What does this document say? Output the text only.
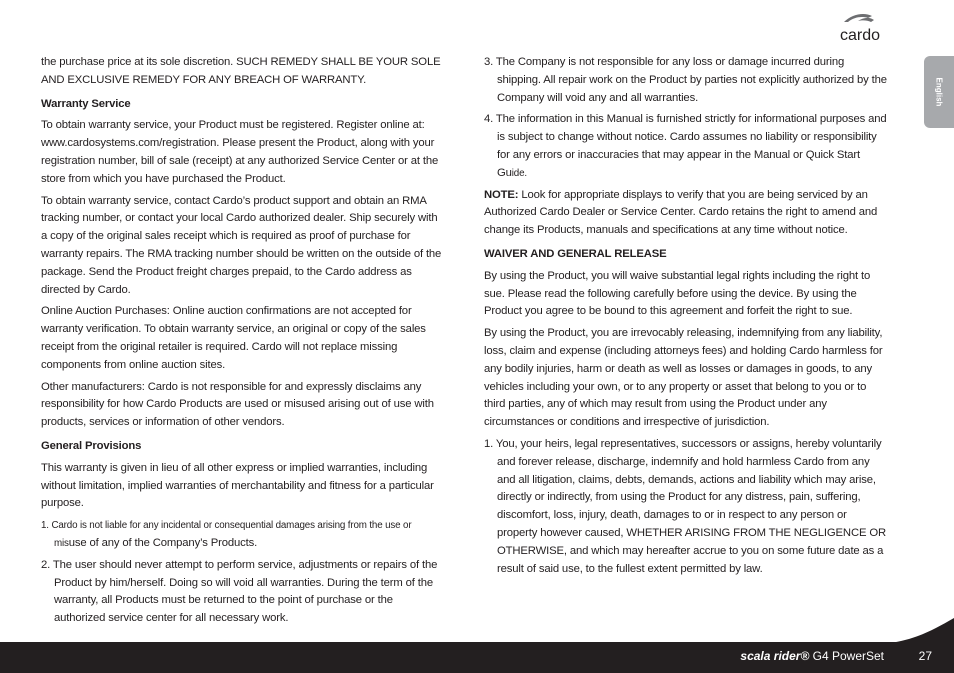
cardo
English

the purchase price at its sole discretion. SUCH REMEDY SHALL BE YOUR SOLE AND EXCLUSIVE REMEDY FOR ANY BREACH OF WARRANTY.

Warranty Service

To obtain warranty service, your Product must be registered. Register online at: www.cardosystems.com/registration. Please present the Product, along with your registration number, bill of sale (receipt) at any authorized Service Center or at the store from which you have purchased the Product.

To obtain warranty service, contact Cardo’s product support and obtain an RMA tracking number, or contact your local Cardo authorized dealer. Ship securely with a copy of the original sales receipt which is required as proof of purchase for warranty repairs. The RMA tracking number should be written on the outside of the package. Send the Product freight charges prepaid, to the Cardo address as directed by Cardo.

Online Auction Purchases: Online auction confirmations are not accepted for warranty verification. To obtain warranty service, an original or copy of the sales receipt from the original retailer is required. Cardo will not replace missing components from online auction sites.

Other manufacturers: Cardo is not responsible for and expressly disclaims any responsibility for how Cardo Products are used or misused arising out of use with products, services or information of other vendors.

General Provisions

This warranty is given in lieu of all other express or implied warranties, including without limitation, implied warranties of merchantability and fitness for a particular purpose.

1. Cardo is not liable for any incidental or consequential damages arising from the use or misuse of any of the Company’s Products.

2. The user should never attempt to perform service, adjustments or repairs of the Product by him/herself. Doing so will void all warranties. During the term of the warranty, all Products must be returned to the point of purchase or the authorized service center for all necessary work.

3. The Company is not responsible for any loss or damage incurred during shipping. All repair work on the Product by parties not explicitly authorized by the Company will void any and all warranties.

4. The information in this Manual is furnished strictly for informational purposes and is subject to change without notice. Cardo assumes no liability or responsibility for any errors or inaccuracies that may appear in the Manual or Quick Start Guide.

NOTE: Look for appropriate displays to verify that you are being serviced by an Authorized Cardo Dealer or Service Center. Cardo retains the right to amend and change its Products, manuals and specifications at any time without notice.

WAIVER AND GENERAL RELEASE

By using the Product, you will waive substantial legal rights including the right to sue. Please read the following carefully before using the device. By using the Product you agree to be bound to this agreement and forfeit the right to sue.

By using the Product, you are irrevocably releasing, indemnifying from any liability, loss, claim and expense (including attorneys fees) and holding Cardo harmless for any bodily injuries, harm or death as well as losses or damages in goods, to any vehicles including your own, or to any property or asset that belong to you or to third parties, any of which may result from using the Product under any circumstances or conditions and irrespective of jurisdiction.

1. You, your heirs, legal representatives, successors or assigns, hereby voluntarily and forever release, discharge, indemnify and hold harmless Cardo from any and all litigation, claims, debts, demands, actions and liability which may arise, directly or indirectly, from using the Product for any distress, pain, suffering, discomfort, loss, injury, death, damages to or in respect to any person or property however caused, WHETHER ARISING FROM THE NEGLIGENCE OR OTHERWISE, and which may hereafter accrue to you on some future date as a result of said use, to the fullest extent permitted by law.

scala rider® G4 PowerSet	27
